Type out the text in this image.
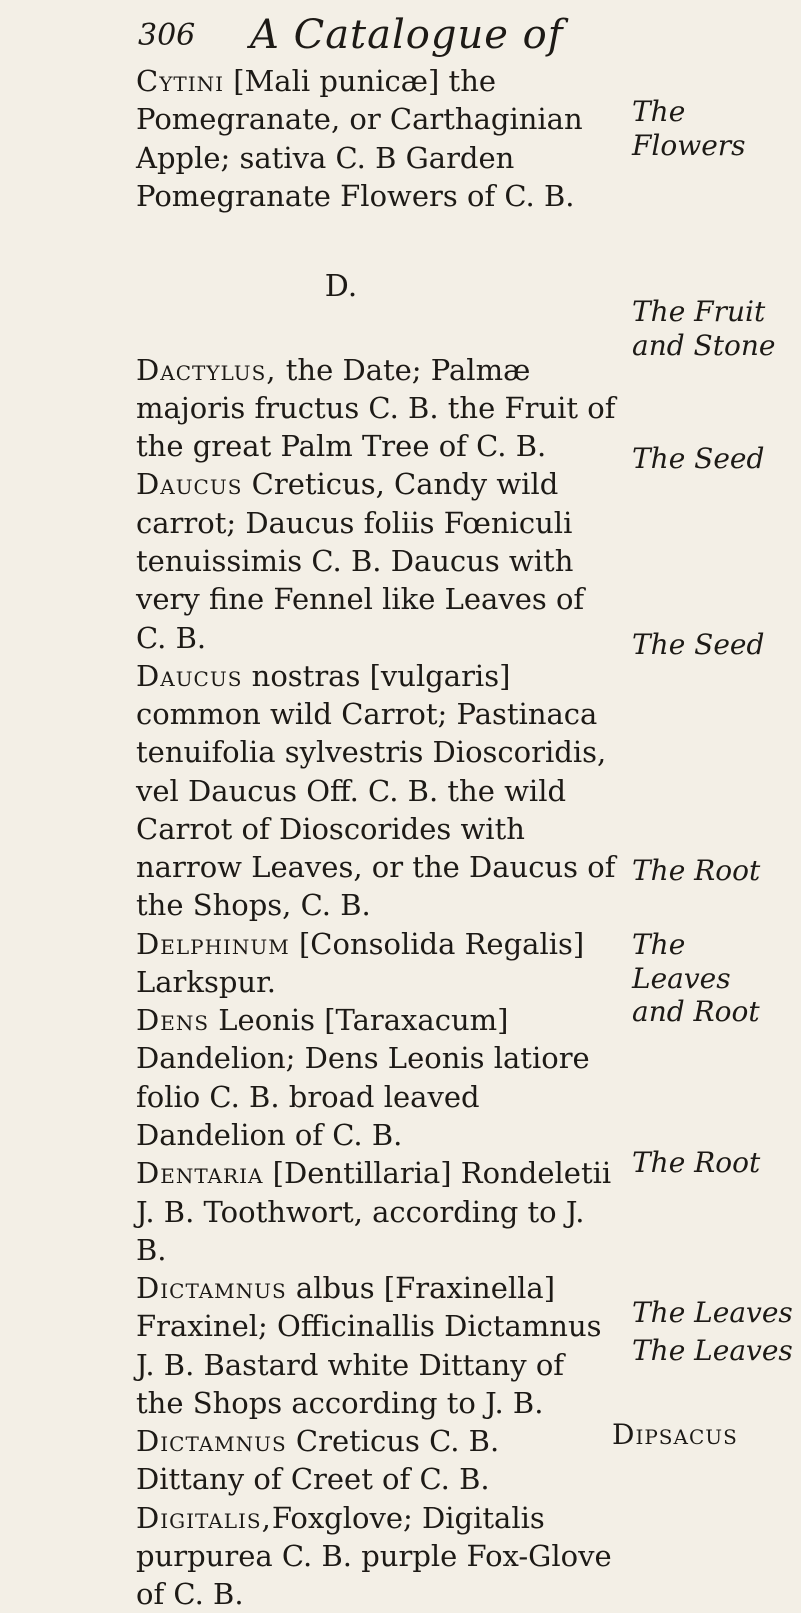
306 A Catalogue of

Cytini [Mali punicæ] the Pomegranate, or Carthaginian Apple; sativa C. B Garden Pomegranate Flowers of C. B.

D.

Dactylus, the Date; Palmæ majoris fructus C. B. the Fruit of the great Palm Tree of C. B.

Daucus Creticus, Candy wild carrot; Daucus foliis Fœniculi tenuissimis C. B. Daucus with very fine Fennel like Leaves of C. B.

Daucus nostras [vulgaris] common wild Carrot; Pastinaca tenuifolia sylvestris Dioscoridis, vel Daucus Off. C. B. the wild Carrot of Dioscorides with narrow Leaves, or the Daucus of the Shops, C. B.

Delphinum [Consolida Regalis] Larkspur.

Dens Leonis [Taraxacum] Dandelion; Dens Leonis latiore folio C. B. broad leaved Dandelion of C. B.

Dentaria [Dentillaria] Rondeletii J. B. Toothwort, according to J. B.

Dictamnus albus [Fraxinella] Fraxinel; Officinallis Dictamnus J. B. Bastard white Dittany of the Shops according to J. B.

Dictamnus Creticus C. B. Dittany of Creet of C. B.

Digitalis,Foxglove; Digitalis purpurea C. B. purple Fox-Glove of C. B.

The Flowers
The Fruit and Stone
The Seed
The Seed
The Root
The Leaves and Root
The Root
The Leaves
The Leaves
Dipsacus
